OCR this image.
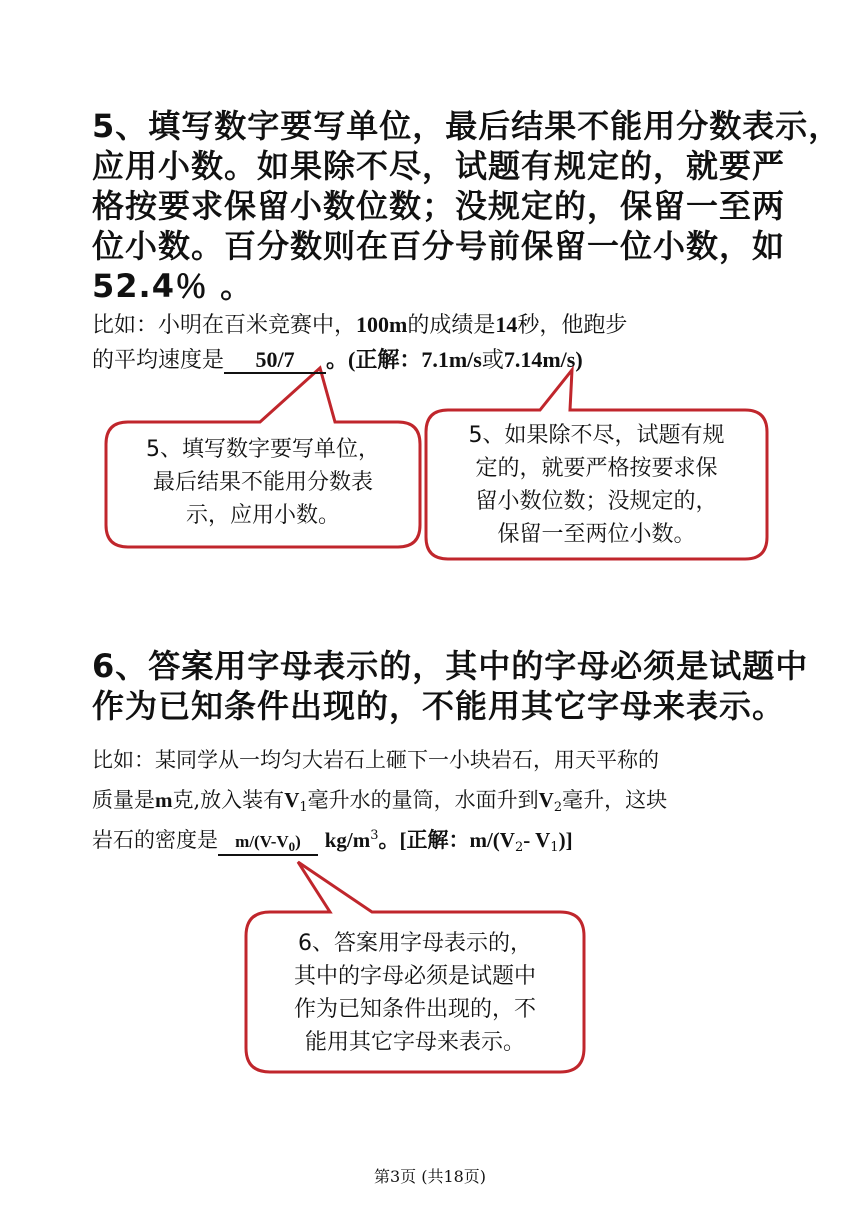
5、填写数字要写单位，最后结果不能用分数表示，
应用小数。如果除不尽，试题有规定的，就要严
格按要求保留小数位数；没规定的，保留一至两
位小数。百分数则在百分号前保留一位小数，如
52.4％ 。
比如：小明在百米竞赛中，100m的成绩是14秒，他跑步
的平均速度是 50/7 。(正解：7.1m/s或7.14m/s)
5、填写数字要写单位，
最后结果不能用分数表
示，应用小数。
5、如果除不尽，试题有规
定的，就要严格按要求保
留小数位数；没规定的，
保留一至两位小数。
6、答案用字母表示的，其中的字母必须是试题中
作为已知条件出现的，不能用其它字母来表示。
比如：某同学从一均匀大岩石上砸下一小块岩石，用天平称的
质量是m克,放入装有$V_1$毫升水的量筒，水面升到$V_2$毫升，这块
岩石的密度是 $m/(V-V_0)$ $kg/m^3$。[正解：$m/(V_2-$ $V_1$)]
6、答案用字母表示的，
其中的字母必须是试题中
作为已知条件出现的，不
能用其它字母来表示。
第3页 (共18页)
